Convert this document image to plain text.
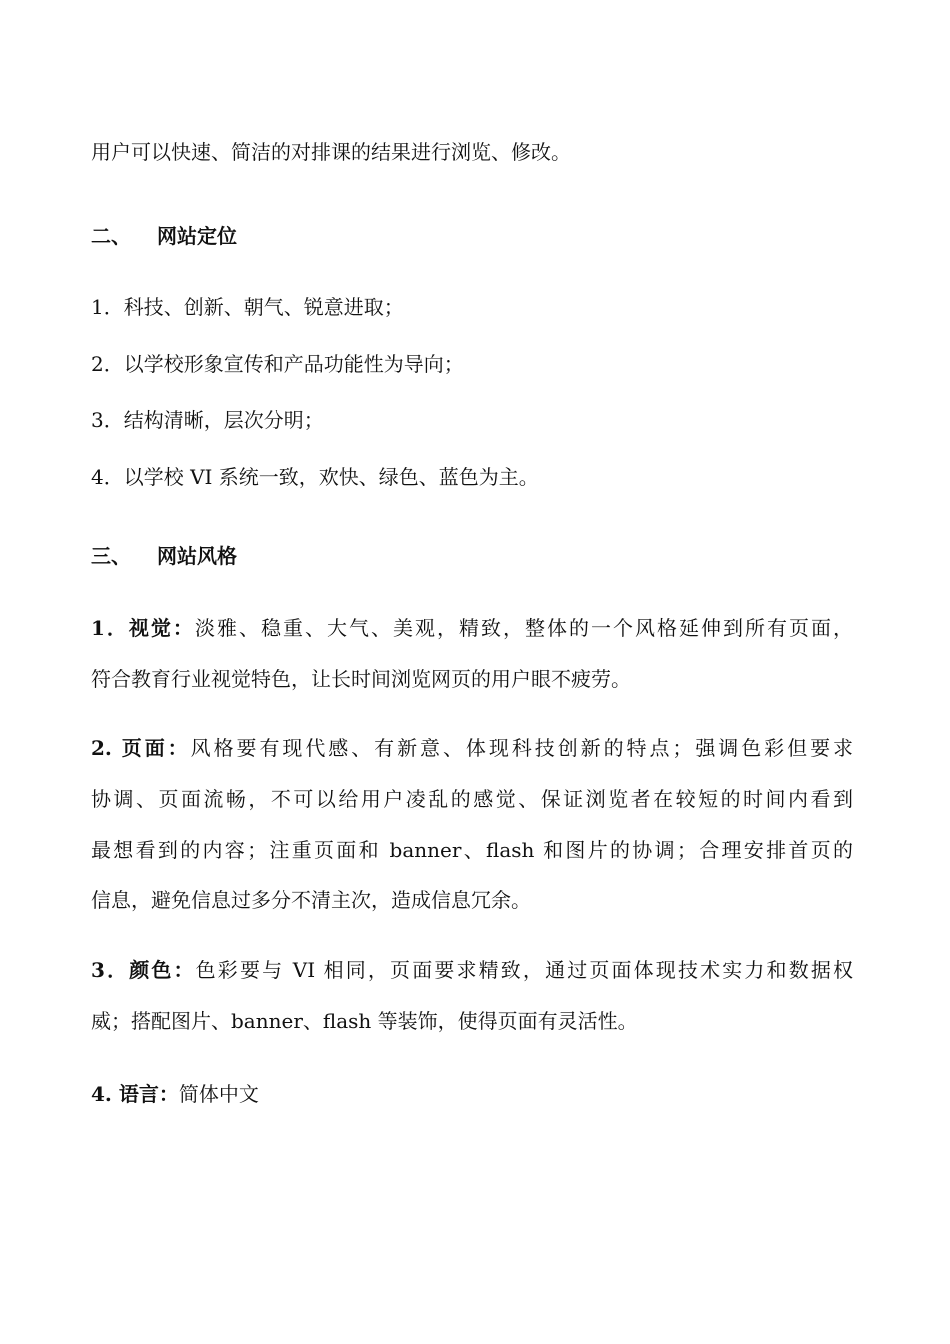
用户可以快速、简洁的对排课的结果进行浏览、修改。
二、 网站定位
1．科技、创新、朝气、锐意进取；
2．以学校形象宣传和产品功能性为导向；
3．结构清晰，层次分明；
4．以学校 VI 系统一致，欢快、绿色、蓝色为主。
三、 网站风格
1．视觉：淡雅、稳重、大气、美观，精致，整体的一个风格延伸到所有页面，
符合教育行业视觉特色，让长时间浏览网页的用户眼不疲劳。
2. 页面：风格要有现代感、有新意、体现科技创新的特点；强调色彩但要求
协调、页面流畅，不可以给用户凌乱的感觉、保证浏览者在较短的时间内看到
最想看到的内容；注重页面和 banner、flash 和图片的协调；合理安排首页的
信息，避免信息过多分不清主次，造成信息冗余。
3．颜色：色彩要与 VI 相同，页面要求精致，通过页面体现技术实力和数据权
威；搭配图片、banner、flash 等装饰，使得页面有灵活性。
4. 语言：简体中文
